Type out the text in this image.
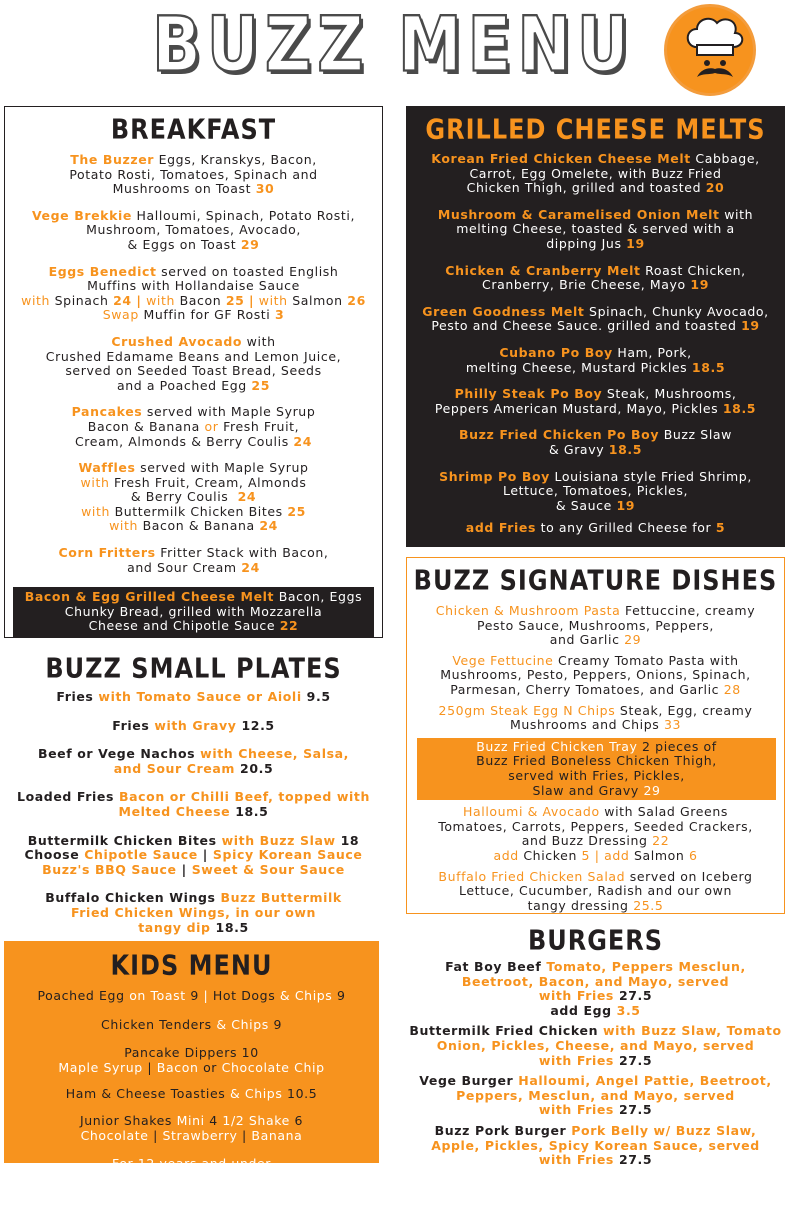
BUZZ MENU
BREAKFAST
The Buzzer Eggs, Kranskys, Bacon,
Potato Rosti, Tomatoes, Spinach and
Mushrooms on Toast 30
Vege Brekkie Halloumi, Spinach, Potato Rosti,
Mushroom, Tomatoes, Avocado,
& Eggs on Toast 29
Eggs Benedict served on toasted English
Muffins with Hollandaise Sauce
with Spinach 24 | with Bacon 25 | with Salmon 26
Swap Muffin for GF Rosti 3
Crushed Avocado with
Crushed Edamame Beans and Lemon Juice,
served on Seeded Toast Bread, Seeds
and a Poached Egg 25
Pancakes served with Maple Syrup
Bacon & Banana or Fresh Fruit,
Cream, Almonds & Berry Coulis 24
Waffles served with Maple Syrup
with Fresh Fruit, Cream, Almonds
& Berry Coulis 24
with Buttermilk Chicken Bites 25
with Bacon & Banana 24
Corn Fritters Fritter Stack with Bacon,
and Sour Cream 24
Bacon & Egg Grilled Cheese Melt Bacon, Eggs
Chunky Bread, grilled with Mozzarella
Cheese and Chipotle Sauce 22
GRILLED CHEESE MELTS
Korean Fried Chicken Cheese Melt Cabbage,
Carrot, Egg Omelete, with Buzz Fried
Chicken Thigh, grilled and toasted 20
Mushroom & Caramelised Onion Melt with
melting Cheese, toasted & served with a
dipping Jus 19
Chicken & Cranberry Melt Roast Chicken,
Cranberry, Brie Cheese, Mayo 19
Green Goodness Melt Spinach, Chunky Avocado,
Pesto and Cheese Sauce. grilled and toasted 19
Cubano Po Boy Ham, Pork,
melting Cheese, Mustard Pickles 18.5
Philly Steak Po Boy Steak, Mushrooms,
Peppers American Mustard, Mayo, Pickles 18.5
Buzz Fried Chicken Po Boy Buzz Slaw
& Gravy 18.5
Shrimp Po Boy Louisiana style Fried Shrimp,
Lettuce, Tomatoes, Pickles,
& Sauce 19
add Fries to any Grilled Cheese for 5
BUZZ SMALL PLATES
Fries with Tomato Sauce or Aioli 9.5
Fries with Gravy 12.5
Beef or Vege Nachos with Cheese, Salsa,
and Sour Cream 20.5
Loaded Fries Bacon or Chilli Beef, topped with
Melted Cheese 18.5
Buttermilk Chicken Bites with Buzz Slaw 18
Choose Chipotle Sauce | Spicy Korean Sauce
Buzz's BBQ Sauce | Sweet & Sour Sauce
Buffalo Chicken Wings Buzz Buttermilk
Fried Chicken Wings, in our own
tangy dip 18.5
KIDS MENU
Poached Egg on Toast 9 | Hot Dogs & Chips 9
Chicken Tenders & Chips 9
Pancake Dippers 10
Maple Syrup | Bacon or Chocolate Chip
Ham & Cheese Toasties & Chips 10.5
Junior Shakes Mini 4 1/2 Shake 6
Chocolate | Strawberry | Banana
For 12 years and under
BUZZ SIGNATURE DISHES
Chicken & Mushroom Pasta Fettuccine, creamy
Pesto Sauce, Mushrooms, Peppers,
and Garlic 29
Vege Fettucine Creamy Tomato Pasta with
Mushrooms, Pesto, Peppers, Onions, Spinach,
Parmesan, Cherry Tomatoes, and Garlic 28
250gm Steak Egg N Chips Steak, Egg, creamy
Mushrooms and Chips 33
Buzz Fried Chicken Tray 2 pieces of
Buzz Fried Boneless Chicken Thigh,
served with Fries, Pickles,
Slaw and Gravy 29
Halloumi & Avocado with Salad Greens
Tomatoes, Carrots, Peppers, Seeded Crackers,
and Buzz Dressing 22
add Chicken 5 | add Salmon 6
Buffalo Fried Chicken Salad served on Iceberg
Lettuce, Cucumber, Radish and our own
tangy dressing 25.5
BURGERS
Fat Boy Beef Tomato, Peppers Mesclun,
Beetroot, Bacon, and Mayo, served
with Fries 27.5
add Egg 3.5
Buttermilk Fried Chicken with Buzz Slaw, Tomato
Onion, Pickles, Cheese, and Mayo, served
with Fries 27.5
Vege Burger Halloumi, Angel Pattie, Beetroot,
Peppers, Mesclun, and Mayo, served
with Fries 27.5
Buzz Pork Burger Pork Belly w/ Buzz Slaw,
Apple, Pickles, Spicy Korean Sauce, served
with Fries 27.5
